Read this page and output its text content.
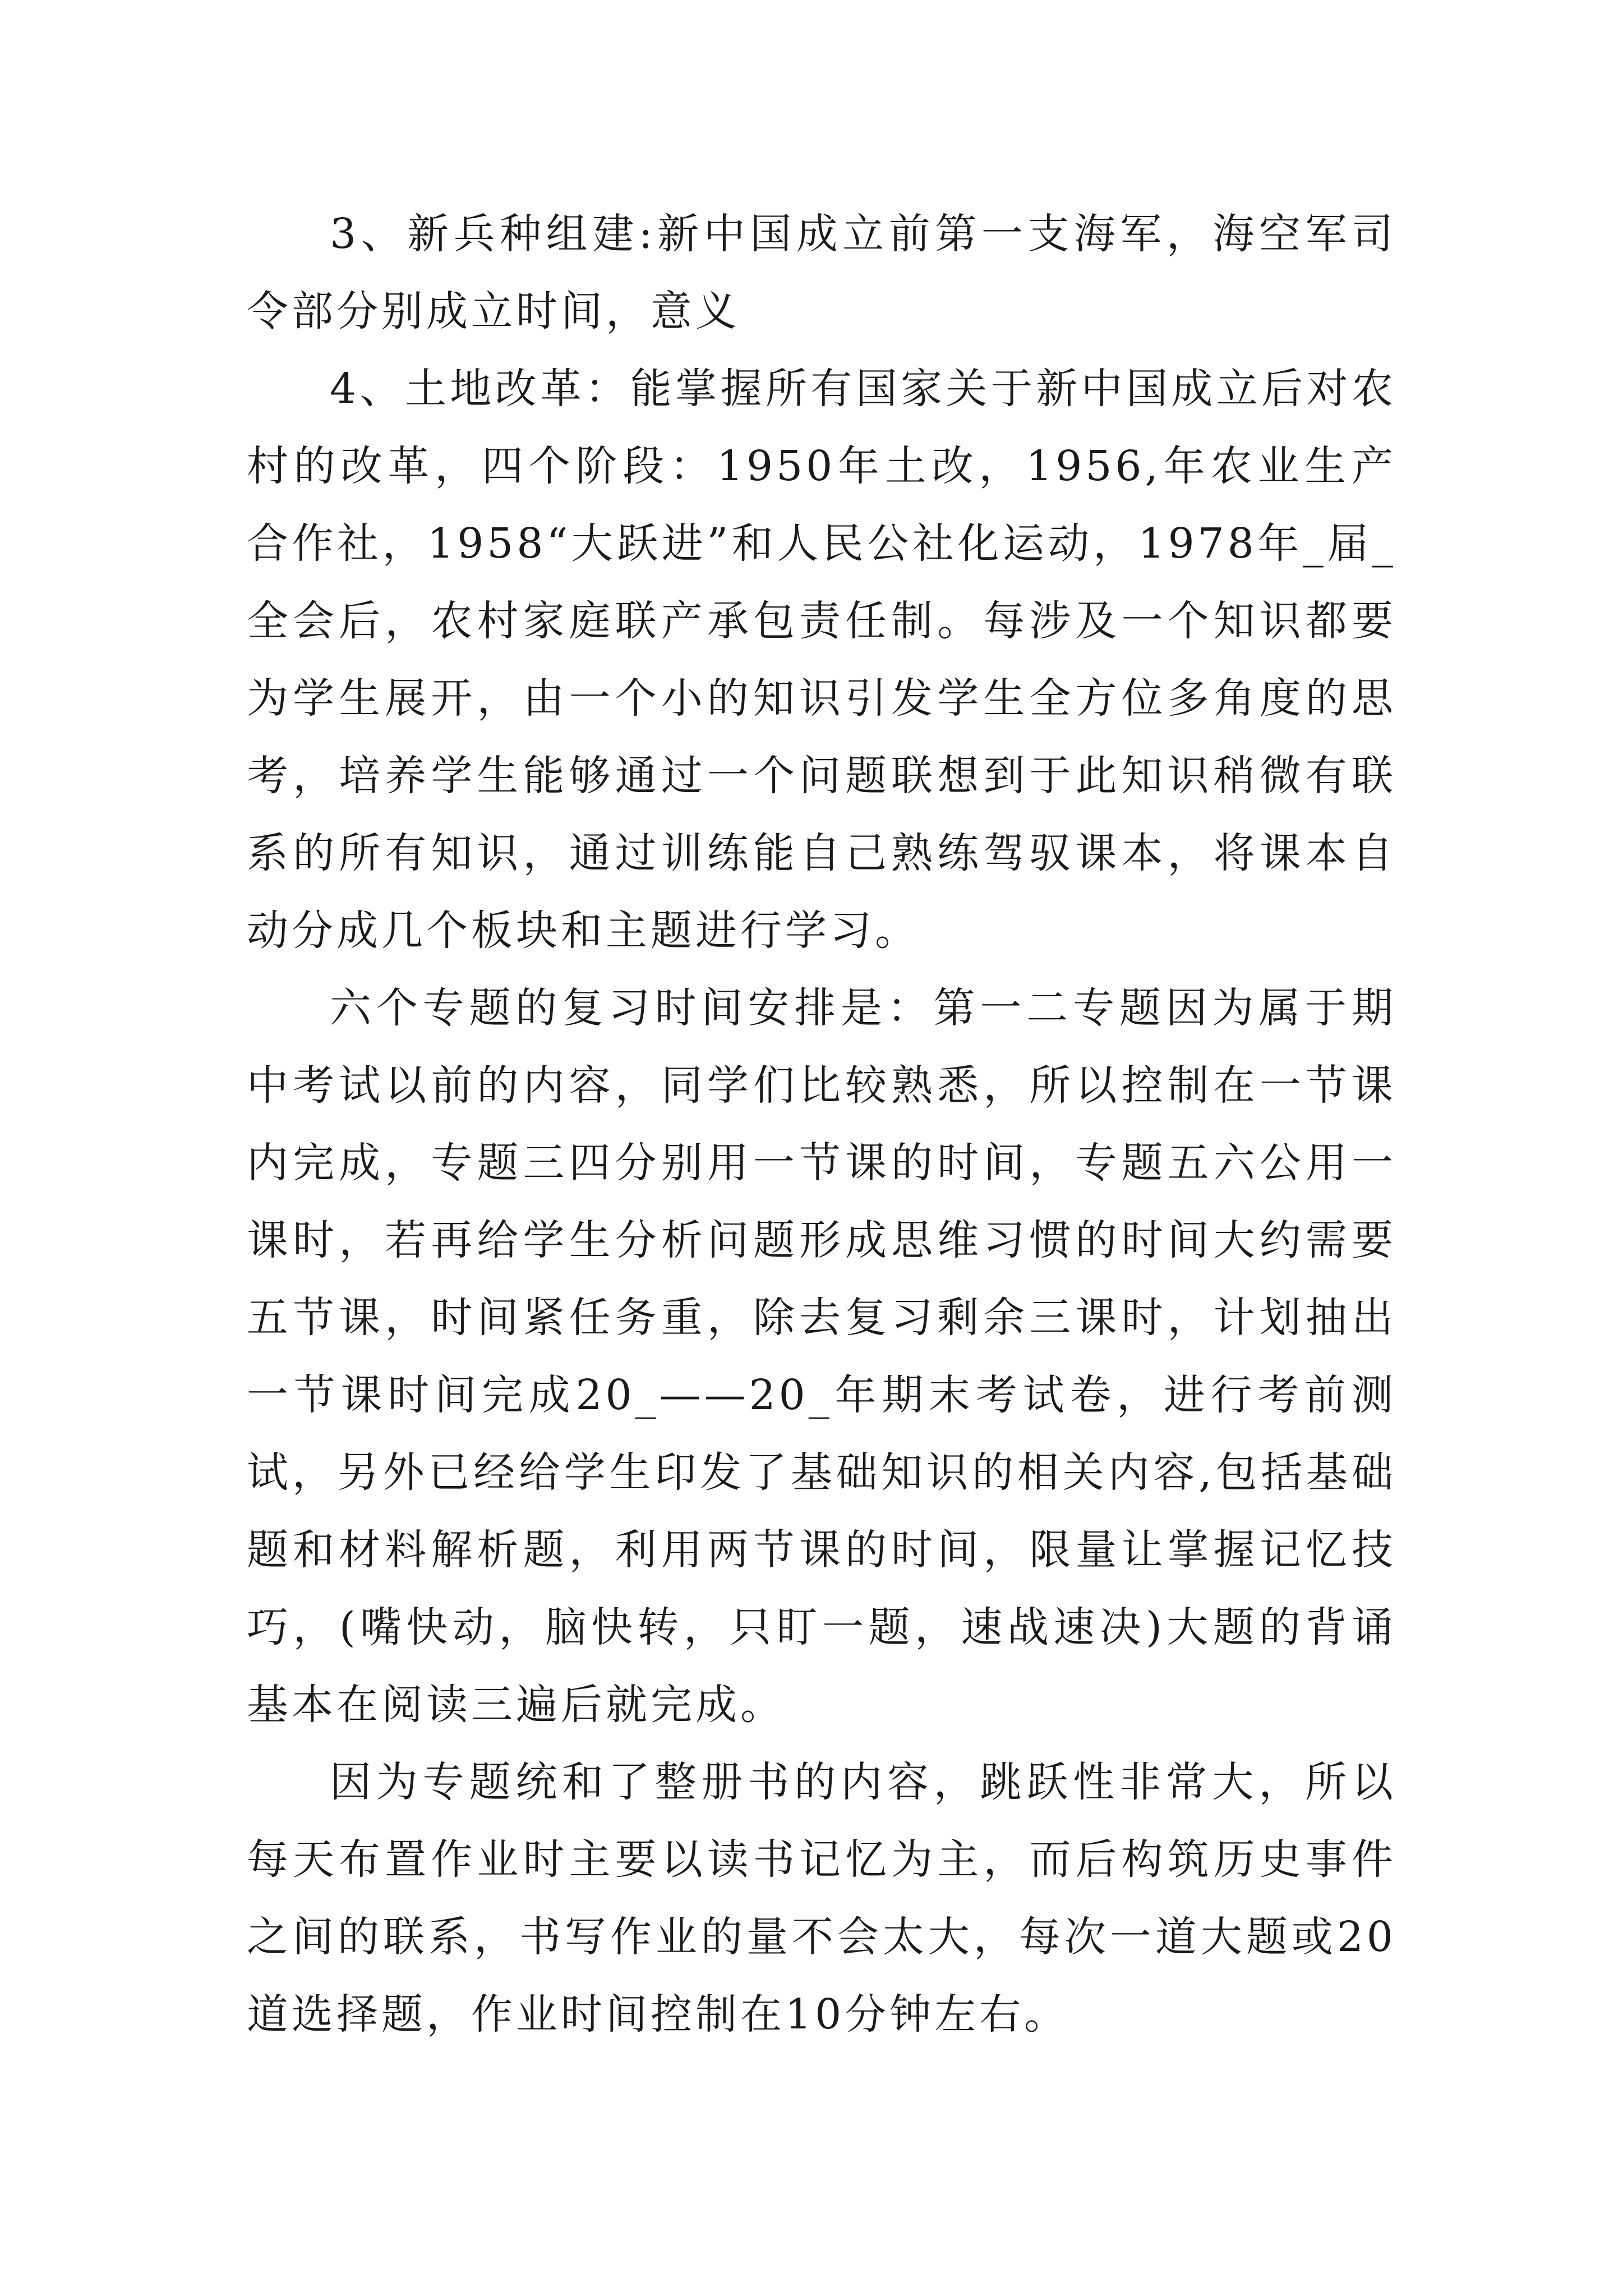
3、新兵种组建:新中国成立前第一支海军，海空军司令部分别成立时间，意义

4、土地改革：能掌握所有国家关于新中国成立后对农村的改革，四个阶段：1950年土改，1956,年农业生产合作社，1958“大跃进”和人民公社化运动，1978年_届_全会后，农村家庭联产承包责任制。每涉及一个知识都要为学生展开，由一个小的知识引发学生全方位多角度的思考，培养学生能够通过一个问题联想到于此知识稍微有联系的所有知识，通过训练能自己熟练驾驭课本，将课本自动分成几个板块和主题进行学习。

六个专题的复习时间安排是：第一二专题因为属于期中考试以前的内容，同学们比较熟悉，所以控制在一节课内完成，专题三四分别用一节课的时间，专题五六公用一课时，若再给学生分析问题形成思维习惯的时间大约需要五节课，时间紧任务重，除去复习剩余三课时，计划抽出一节课时间完成20_——20_年期末考试卷，进行考前测试，另外已经给学生印发了基础知识的相关内容,包括基础题和材料解析题，利用两节课的时间，限量让掌握记忆技巧，(嘴快动，脑快转，只盯一题，速战速决)大题的背诵基本在阅读三遍后就完成。

因为专题统和了整册书的内容，跳跃性非常大，所以每天布置作业时主要以读书记忆为主，而后构筑历史事件之间的联系，书写作业的量不会太大，每次一道大题或20道选择题，作业时间控制在10分钟左右。
